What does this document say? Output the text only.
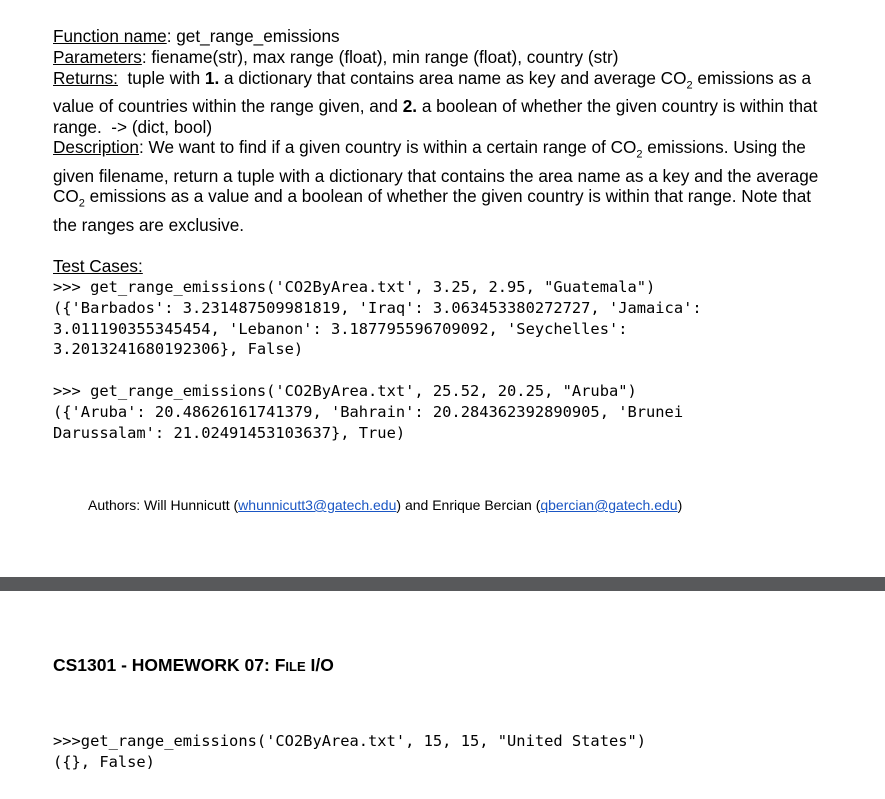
Function name: get_range_emissions

Parameters: fiename(str), max range (float), min range (float), country (str)

Returns:  tuple with 1. a dictionary that contains area name as key and average $CO_2$ emissions as a value of countries within the range given, and 2. a boolean of whether the given country is within that range.  -> (dict, bool)

Description: We want to find if a given country is within a certain range of $CO_2$ emissions. Using the given filename, return a tuple with a dictionary that contains the area name as a key and the average $CO_2$ emissions as a value and a boolean of whether the given country is within that range. Note that the ranges are exclusive.

Test Cases:

>>> get_range_emissions('CO2ByArea.txt', 3.25, 2.95, "Guatemala")
({'Barbados': 3.231487509981819, 'Iraq': 3.063453380272727, 'Jamaica':
3.011190355345454, 'Lebanon': 3.187795596709092, 'Seychelles':
3.2013241680192306}, False)
>>> get_range_emissions('CO2ByArea.txt', 25.52, 20.25, "Aruba")
({'Aruba': 20.48626161741379, 'Bahrain': 20.284362392890905, 'Brunei
Darussalam': 21.02491453103637}, True)
Authors: Will Hunnicutt (whunnicutt3@gatech.edu) and Enrique Bercian (qbercian@gatech.edu)
CS1301 - HOMEWORK 07: FILE I/O
>>>get_range_emissions('CO2ByArea.txt', 15, 15, "United States")
({}, False)
